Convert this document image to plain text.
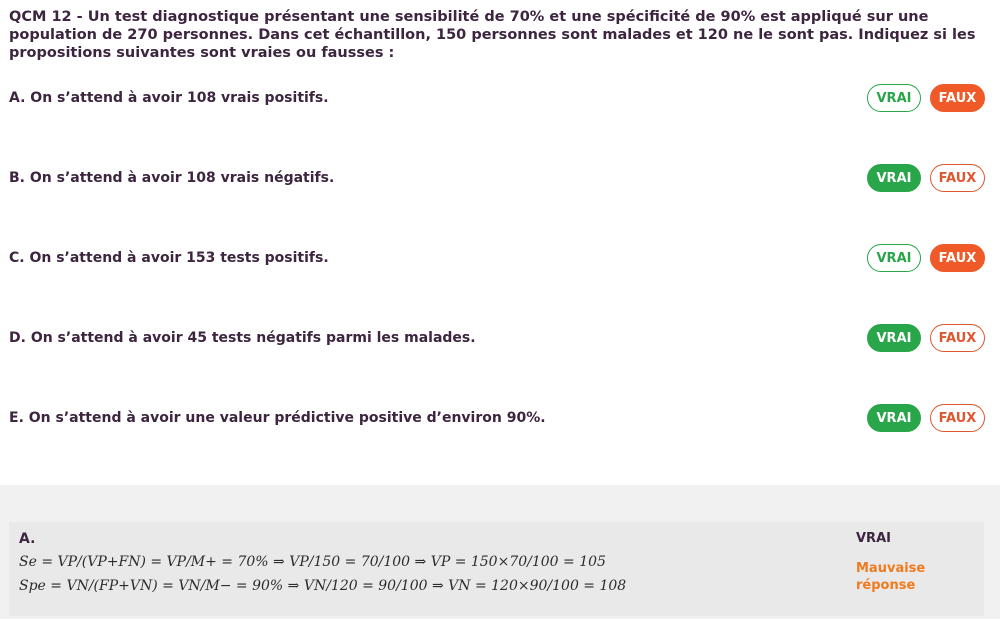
QCM 12 - Un test diagnostique présentant une sensibilité de 70% et une spécificité de 90% est appliqué sur une population de 270 personnes. Dans cet échantillon, 150 personnes sont malades et 120 ne le sont pas. Indiquez si les propositions suivantes sont vraies ou fausses :
A. On s’attend à avoir 108 vrais positifs.	VRAI	FAUX
B. On s’attend à avoir 108 vrais négatifs.	VRAI	FAUX
C. On s’attend à avoir 153 tests positifs.	VRAI	FAUX
D. On s’attend à avoir 45 tests négatifs parmi les malades.	VRAI	FAUX
E. On s’attend à avoir une valeur prédictive positive d’environ 90%.	VRAI	FAUX
A.
Se = VP/(VP+FN) = VP/M+ = 70% ⇒ VP/150 = 70/100 ⇒ VP = 150×70/100 = 105
Spe = VN/(FP+VN) = VN/M− = 90% ⇒ VN/120 = 90/100 ⇒ VN = 120×90/100 = 108
VRAI
Mauvaise réponse
